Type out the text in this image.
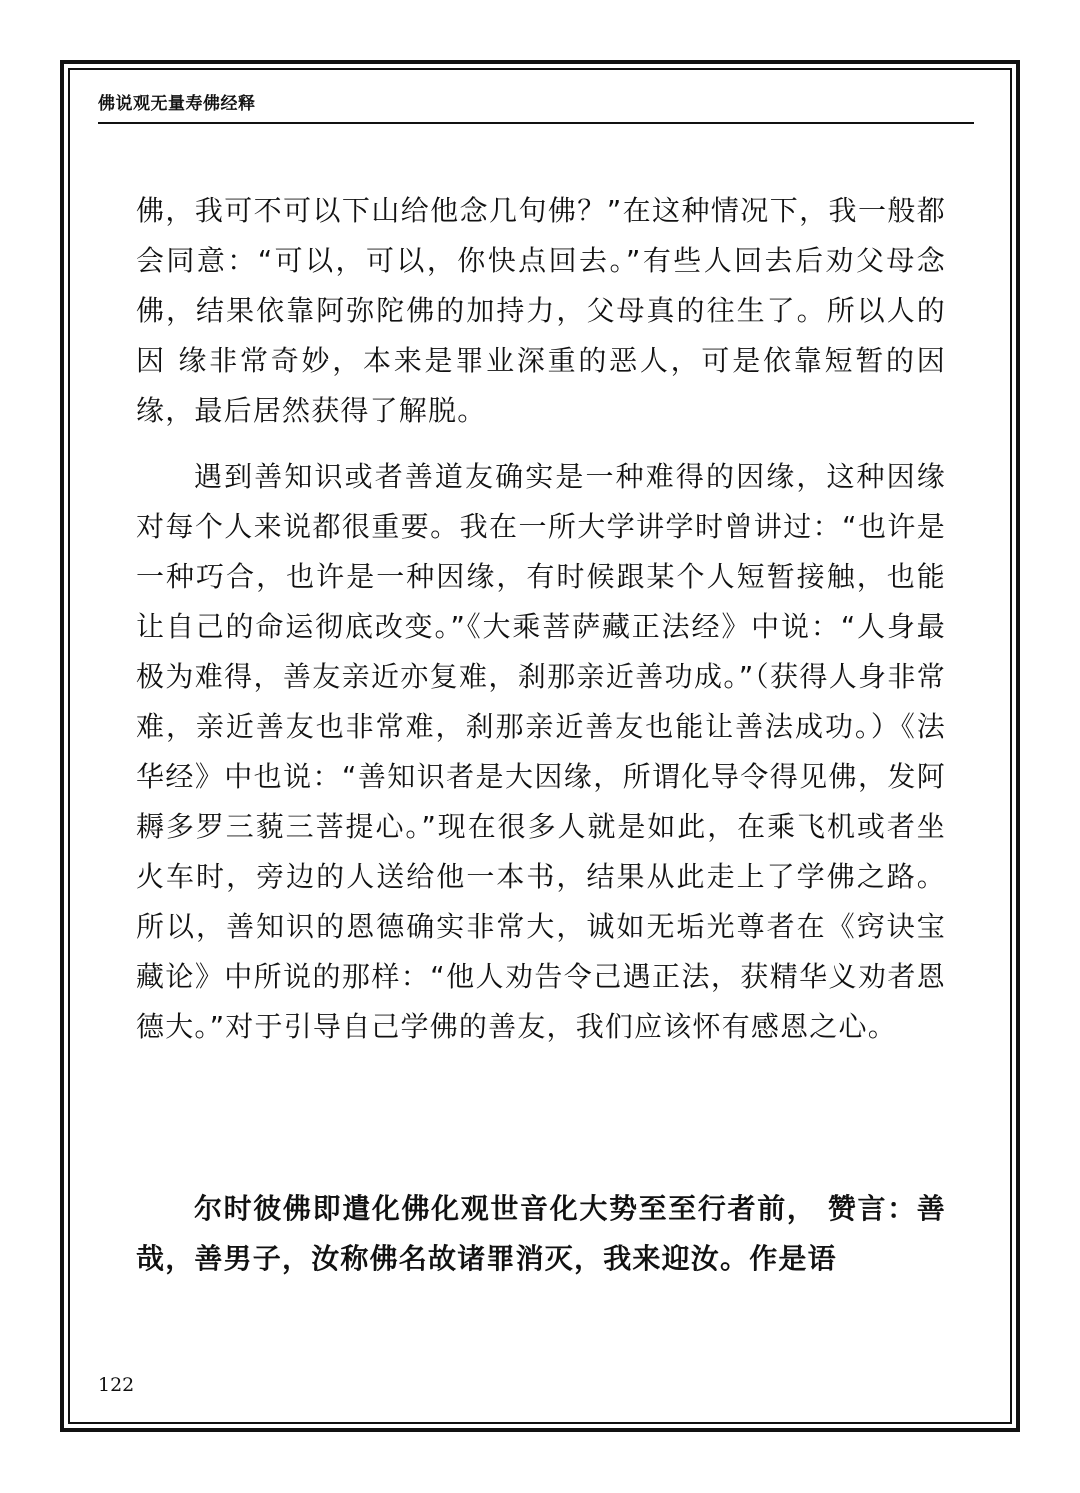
佛说观无量寿佛经释

佛，我可不可以下山给他念几句佛？”在这种情况下，我一般都会同意：“可以，可以，你快点回去。”有些人回去后劝父母念佛，结果依靠阿弥陀佛的加持力，父母真的往生了。所以人的因 缘非常奇妙，本来是罪业深重的恶人，可是依靠短暂的因缘，最后居然获得了解脱。

遇到善知识或者善道友确实是一种难得的因缘，这种因缘对每个人来说都很重要。我在一所大学讲学时曾讲过：“也许是一种巧合，也许是一种因缘，有时候跟某个人短暂接触，也能让自己的命运彻底改变。”《大乘菩萨藏正法经》中说：“人身最极为难得，善友亲近亦复难，刹那亲近善功成。”（获得人身非常难，亲近善友也非常难，刹那亲近善友也能让善法成功。）《法华经》中也说：“善知识者是大因缘，所谓化导令得见佛，发阿耨多罗三藐三菩提心。”现在很多人就是如此，在乘飞机或者坐火车时，旁边的人送给他一本书，结果从此走上了学佛之路。所以，善知识的恩德确实非常大，诚如无垢光尊者在《窍诀宝藏论》中所说的那样：“他人劝告令己遇正法，获精华义劝者恩德大。”对于引导自己学佛的善友，我们应该怀有感恩之心。

尔时彼佛即遣化佛化观世音化大势至至行者前， 赞言：善哉，善男子，汝称佛名故诸罪消灭，我来迎汝。作是语

122
